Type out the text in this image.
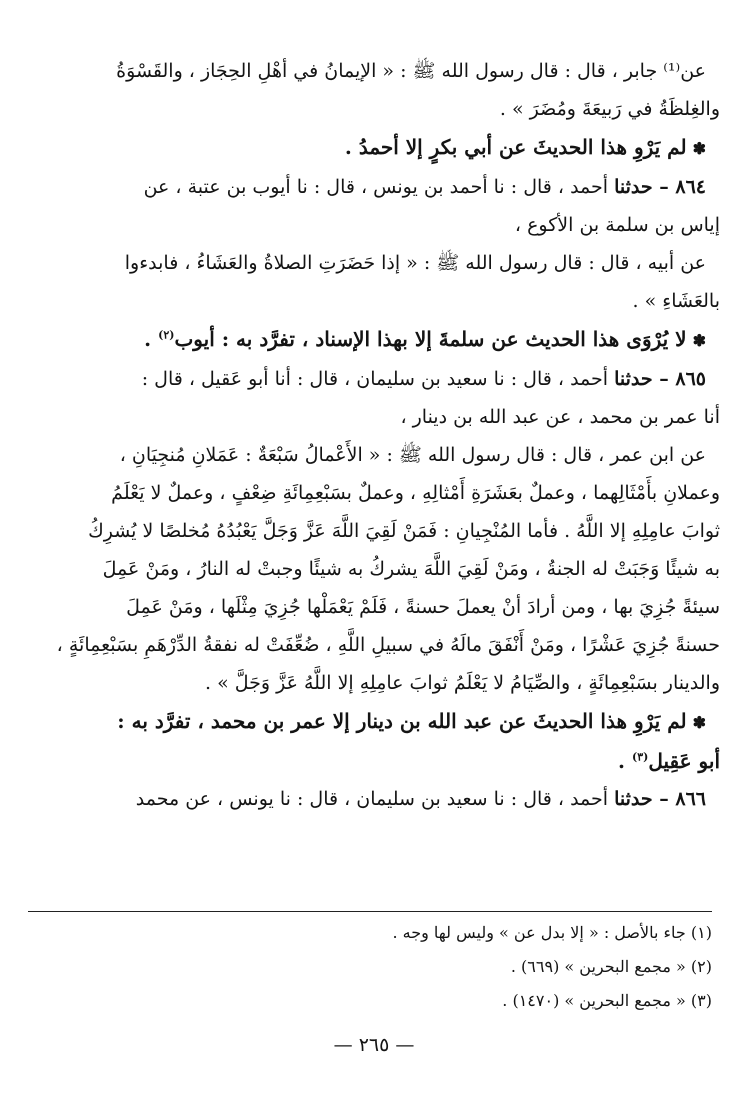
عن⁽¹⁾ جابر ، قال : قال رسول الله ﷺ : « الإيمانُ في أهْلِ الحِجَاز ، والقَسْوَةُ

والغِلظَةُ في رَبيعَةَ ومُضَرَ » .

✽لم يَرْوِ هذا الحديثَ عن أبي بكرٍ إلا أحمدُ .

٨٦٤ – حدثنا أحمد ، قال : نا أحمد بن يونس ، قال : نا أيوب بن عتبة ، عن

إياس بن سلمة بن الأكوع ،

عن أبيه ، قال : قال رسول الله ﷺ : « إذا حَضَرَتِ الصلاةُ والعَشَاءُ ، فابدءوا

بالعَشَاءِ » .

✽لا يُرْوَى هذا الحديث عن سلمةَ إلا بهذا الإسناد ، تفرَّد به : أيوب$^{(٢)}$ .

٨٦٥ – حدثنا أحمد ، قال : نا سعيد بن سليمان ، قال : أنا أبو عَقيل ، قال :

أنا عمر بن محمد ، عن عبد الله بن دينار ،

عن ابن عمر ، قال : قال رسول الله ﷺ : « الأَعْمالُ سَبْعَةٌ : عَمَلانِ مُنجِيَانِ ،

وعملانِ بأَمْثَالِهما ، وعملٌ بعَشَرَةِ أَمْثالِهِ ، وعملٌ بسَبْعِمِائَةِ ضِعْفٍ ، وعملٌ لا يَعْلَمُ

ثوابَ عامِلِهِ إلا اللَّهُ . فأما المُنْجِيانِ : فَمَنْ لَقِيَ اللَّهَ عَزَّ وَجَلَّ يَعْبُدُهُ مُخلصًا لا يُشرِكُ

به شيئًا وَجَبَتْ له الجنةُ ، ومَنْ لَقِيَ اللَّهَ يشركُ به شيئًا وجبتْ له النارُ ، ومَنْ عَمِلَ

سيئةً جُزِيَ بها ، ومن أرادَ أنْ يعملَ حسنةً ، فَلَمْ يَعْمَلْها جُزِيَ مِثْلَها ، ومَنْ عَمِلَ

حسنةً جُزِيَ عَشْرًا ، ومَنْ أَنْفَقَ مالَهُ في سبيلِ اللَّهِ ، ضُعِّفَتْ له نفقةُ الدِّرْهَمِ بسَبْعِمِائَةٍ ،

والدينار بسَبْعِمِائَةٍ ، والصِّيَامُ لا يَعْلَمُ ثوابَ عامِلِهِ إلا اللَّهُ عَزَّ وَجَلَّ » .

✽لم يَرْوِ هذا الحديثَ عن عبد الله بن دينار إلا عمر بن محمد ، تفرَّد به :

أبو عَقِيل$^{(٣)}$ .

٨٦٦ – حدثنا أحمد ، قال : نا سعيد بن سليمان ، قال : نا يونس ، عن محمد

(١) جاء بالأصل : « إلا بدل عن » وليس لها وجه .

(٢) « مجمع البحرين » (٦٦٩) .

(٣) « مجمع البحرين » (١٤٧٠) .

— ٢٦٥ —
